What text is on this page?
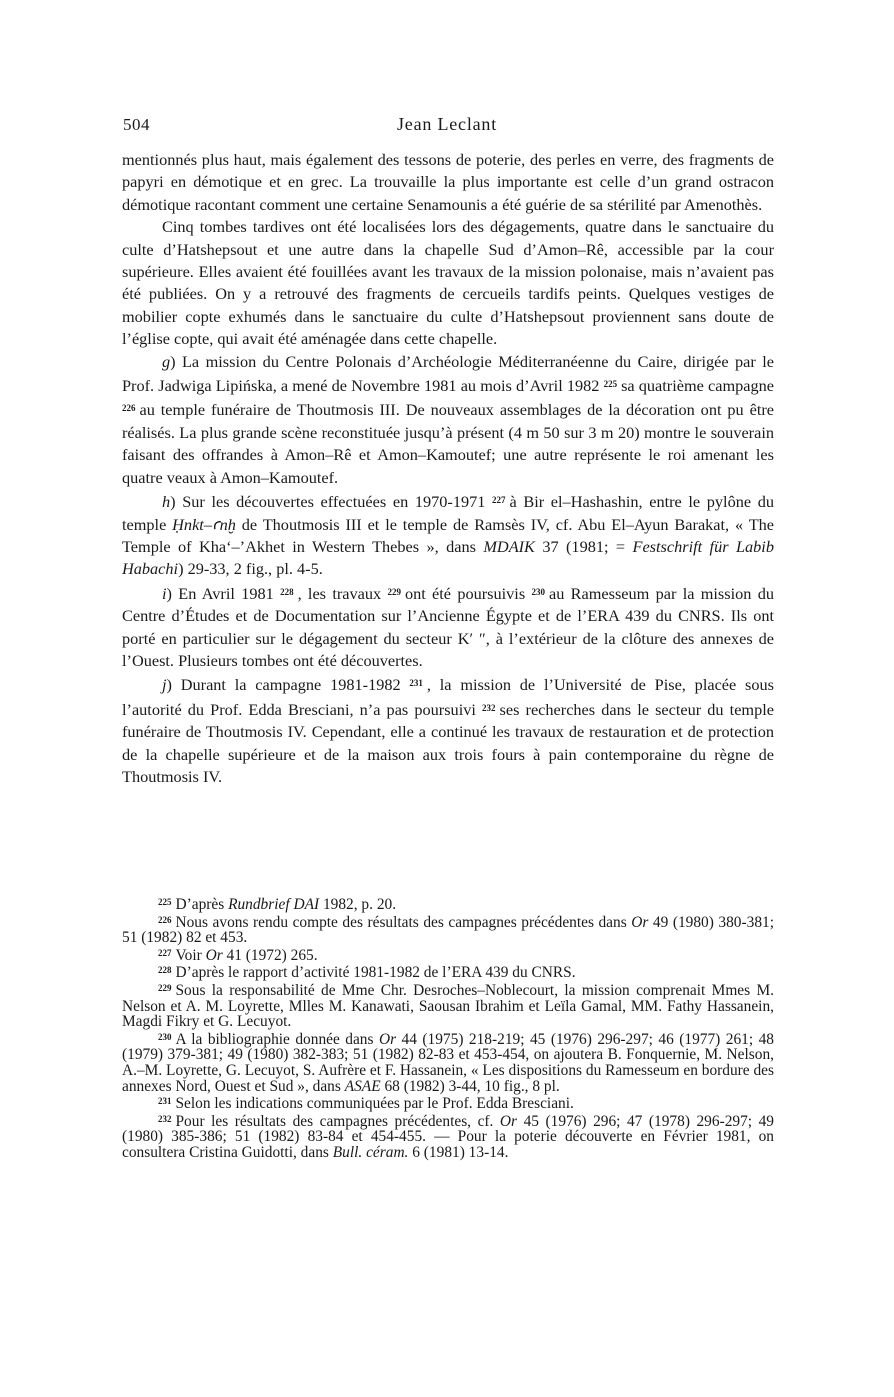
504	Jean Leclant

mentionnés plus haut, mais également des tessons de poterie, des perles en verre, des fragments de papyri en démotique et en grec. La trouvaille la plus importante est celle d’un grand ostracon démotique racontant comment une certaine Senamounis a été guérie de sa stérilité par Amenothès.

Cinq tombes tardives ont été localisées lors des dégagements, quatre dans le sanctuaire du culte d’Hatshepsout et une autre dans la chapelle Sud d’Amon–Rê, accessible par la cour supérieure. Elles avaient été fouillées avant les travaux de la mission polonaise, mais n’avaient pas été publiées. On y a retrouvé des fragments de cercueils tardifs peints. Quelques vestiges de mobilier copte exhumés dans le sanctuaire du culte d’Hatshepsout proviennent sans doute de l’église copte, qui avait été aménagée dans cette chapelle.

g) La mission du Centre Polonais d’Archéologie Méditerranéenne du Caire, dirigée par le Prof. Jadwiga Lipińska, a mené de Novembre 1981 au mois d’Avril 1982 $^{225}$ sa quatrième campagne $^{226}$ au temple funéraire de Thoutmosis III. De nouveaux assemblages de la décoration ont pu être réalisés. La plus grande scène reconstituée jusqu’à présent (4 m 50 sur 3 m 20) montre le souverain faisant des offrandes à Amon–Rê et Amon–Kamoutef; une autre représente le roi amenant les quatre veaux à Amon–Kamoutef.

h) Sur les découvertes effectuées en 1970-1971 $^{227}$ à Bir el–Hashashin, entre le pylône du temple Ḥnkt–ꜥnḫ de Thoutmosis III et le temple de Ramsès IV, cf. Abu El–Ayun Barakat, « The Temple of Kha‘–’Akhet in Western Thebes », dans MDAIK 37 (1981; = Festschrift für Labib Habachi) 29-33, 2 fig., pl. 4-5.

i) En Avril 1981 $^{228}$ , les travaux $^{229}$ ont été poursuivis $^{230}$ au Ramesseum par la mission du Centre d’Études et de Documentation sur l’Ancienne Égypte et de l’ERA 439 du CNRS. Ils ont porté en particulier sur le dégagement du secteur K′ ″, à l’extérieur de la clôture des annexes de l’Ouest. Plusieurs tombes ont été découvertes.

j) Durant la campagne 1981-1982 $^{231}$ , la mission de l’Université de Pise, placée sous l’autorité du Prof. Edda Bresciani, n’a pas poursuivi $^{232}$ ses recherches dans le secteur du temple funéraire de Thoutmosis IV. Cependant, elle a continué les travaux de restauration et de protection de la chapelle supérieure et de la maison aux trois fours à pain contemporaine du règne de Thoutmosis IV.

$^{225}$ D’après Rundbrief DAI 1982, p. 20.

$^{226}$ Nous avons rendu compte des résultats des campagnes précédentes dans Or 49 (1980) 380-381; 51 (1982) 82 et 453.

$^{227}$ Voir Or 41 (1972) 265.

$^{228}$ D’après le rapport d’activité 1981-1982 de l’ERA 439 du CNRS.

$^{229}$ Sous la responsabilité de Mme Chr. Desroches–Noblecourt, la mission comprenait Mmes M. Nelson et A. M. Loyrette, Mlles M. Kanawati, Saousan Ibrahim et Leïla Gamal, MM. Fathy Hassanein, Magdi Fikry et G. Lecuyot.

$^{230}$ A la bibliographie donnée dans Or 44 (1975) 218-219; 45 (1976) 296-297; 46 (1977) 261; 48 (1979) 379-381; 49 (1980) 382-383; 51 (1982) 82-83 et 453-454, on ajoutera B. Fonquernie, M. Nelson, A.–M. Loyrette, G. Lecuyot, S. Aufrère et F. Hassanein, « Les dispositions du Ramesseum en bordure des annexes Nord, Ouest et Sud », dans ASAE 68 (1982) 3-44, 10 fig., 8 pl.

$^{231}$ Selon les indications communiquées par le Prof. Edda Bresciani.

$^{232}$ Pour les résultats des campagnes précédentes, cf. Or 45 (1976) 296; 47 (1978) 296-297; 49 (1980) 385-386; 51 (1982) 83-84 et 454-455. — Pour la poterie découverte en Février 1981, on consultera Cristina Guidotti, dans Bull. céram. 6 (1981) 13-14.
